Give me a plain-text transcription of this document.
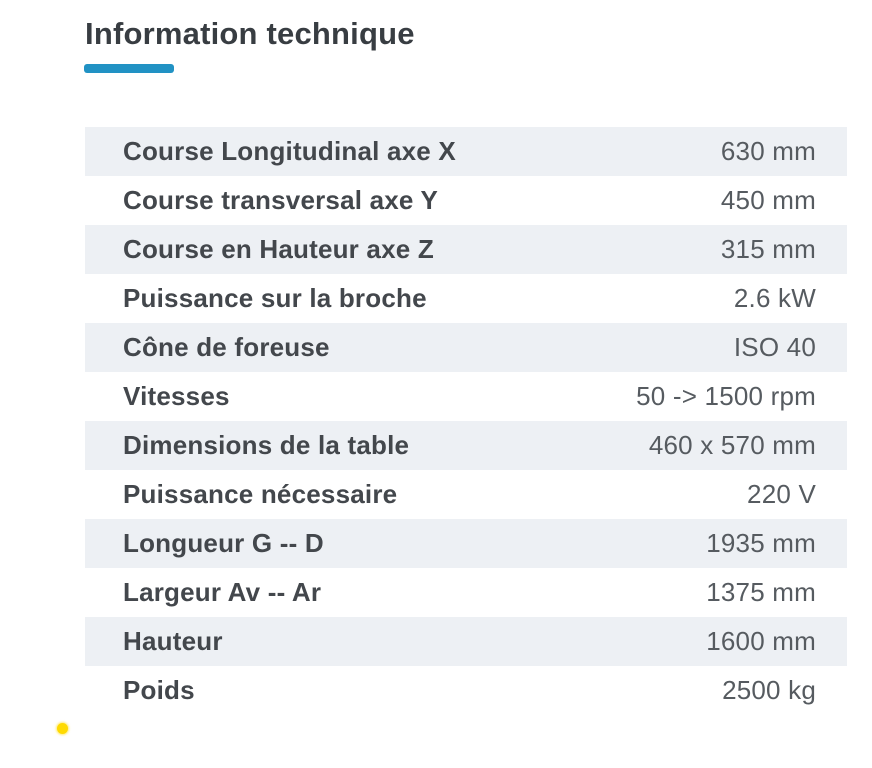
Information technique
Course Longitudinal axe X	630 mm
Course transversal axe Y	450 mm
Course en Hauteur axe Z	315 mm
Puissance sur la broche	2.6 kW
Cône de foreuse	ISO 40
Vitesses	50 -> 1500 rpm
Dimensions de la table	460 x 570 mm
Puissance nécessaire	220 V
Longueur G -- D	1935 mm
Largeur Av -- Ar	1375 mm
Hauteur	1600 mm
Poids	2500 kg
